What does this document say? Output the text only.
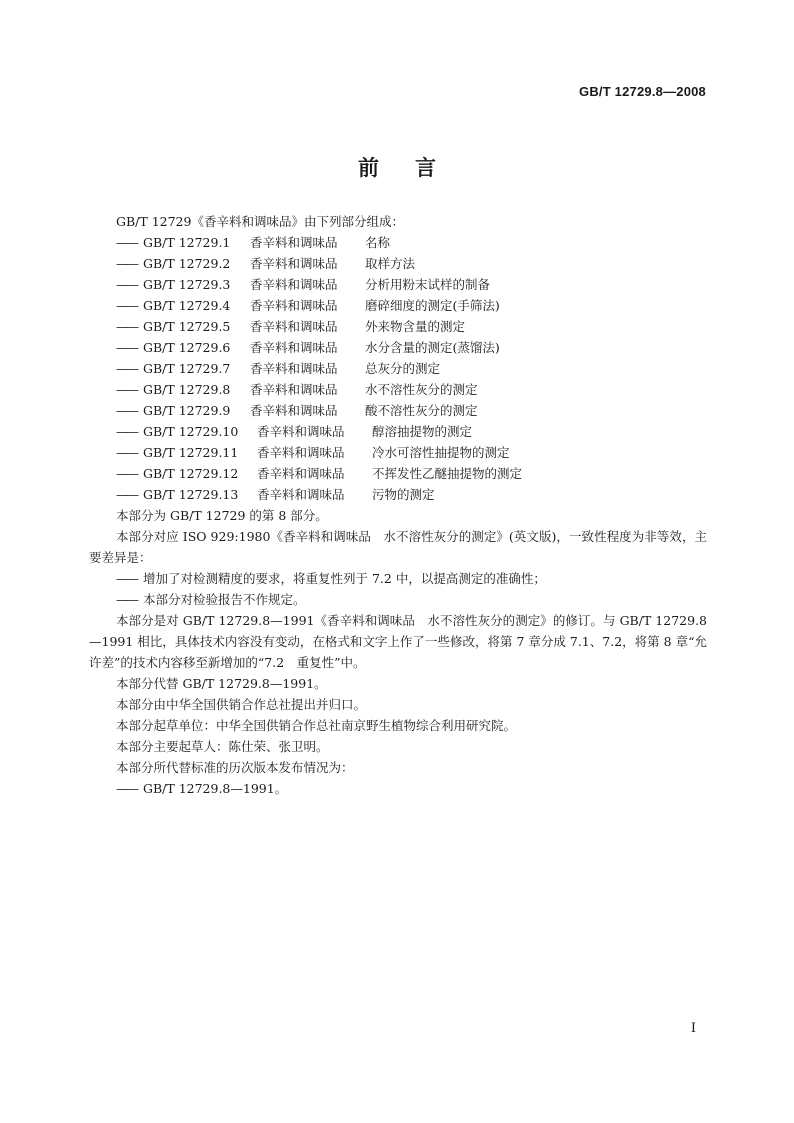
GB/T 12729.8—2008
前 言
GB/T 12729《香辛料和调味品》由下列部分组成：
——GB/T 12729.1 香辛料和调味品 名称
——GB/T 12729.2 香辛料和调味品 取样方法
——GB/T 12729.3 香辛料和调味品 分析用粉末试样的制备
——GB/T 12729.4 香辛料和调味品 磨碎细度的测定(手筛法)
——GB/T 12729.5 香辛料和调味品 外来物含量的测定
——GB/T 12729.6 香辛料和调味品 水分含量的测定(蒸馏法)
——GB/T 12729.7 香辛料和调味品 总灰分的测定
——GB/T 12729.8 香辛料和调味品 水不溶性灰分的测定
——GB/T 12729.9 香辛料和调味品 酸不溶性灰分的测定
——GB/T 12729.10 香辛料和调味品 醇溶抽提物的测定
——GB/T 12729.11 香辛料和调味品 冷水可溶性抽提物的测定
——GB/T 12729.12 香辛料和调味品 不挥发性乙醚抽提物的测定
——GB/T 12729.13 香辛料和调味品 污物的测定
本部分为 GB/T 12729 的第 8 部分。
本部分对应 ISO 929:1980《香辛料和调味品　水不溶性灰分的测定》(英文版)，一致性程度为非等效，主要差异是：
——增加了对检测精度的要求，将重复性列于 7.2 中，以提高测定的准确性；
——本部分对检验报告不作规定。
本部分是对 GB/T 12729.8—1991《香辛料和调味品　水不溶性灰分的测定》的修订。与 GB/T 12729.8—1991 相比，具体技术内容没有变动，在格式和文字上作了一些修改，将第 7 章分成 7.1、7.2，将第 8 章“允许差”的技术内容移至新增加的“7.2　重复性”中。
本部分代替 GB/T 12729.8—1991。
本部分由中华全国供销合作总社提出并归口。
本部分起草单位：中华全国供销合作总社南京野生植物综合利用研究院。
本部分主要起草人：陈仕荣、张卫明。
本部分所代替标准的历次版本发布情况为：
——GB/T 12729.8—1991。
I
